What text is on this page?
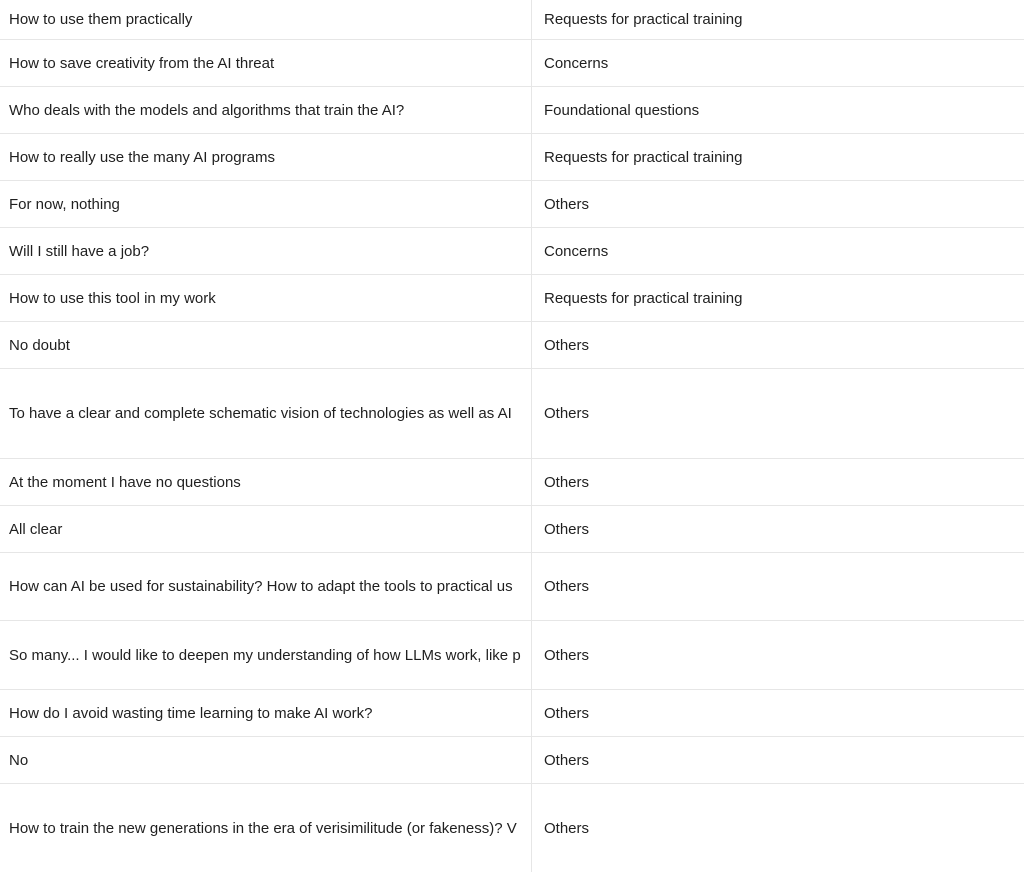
How to use them practically	Requests for practical training
How to save creativity from the AI threat	Concerns
Who deals with the models and algorithms that train the AI?	Foundational questions
How to really use the many AI programs	Requests for practical training
For now, nothing	Others
Will I still have a job?	Concerns
How to use this tool in my work	Requests for practical training
No doubt	Others
To have a clear and complete schematic vision of technologies as well as AI	Others
At the moment I have no questions	Others
All clear	Others
How can AI be used for sustainability? How to adapt the tools to practical us	Others
So many... I would like to deepen my understanding of how LLMs work, like p	Others
How do I avoid wasting time learning to make AI work?	Others
No	Others
How to train the new generations in the era of verisimilitude (or fakeness)? V	Others
